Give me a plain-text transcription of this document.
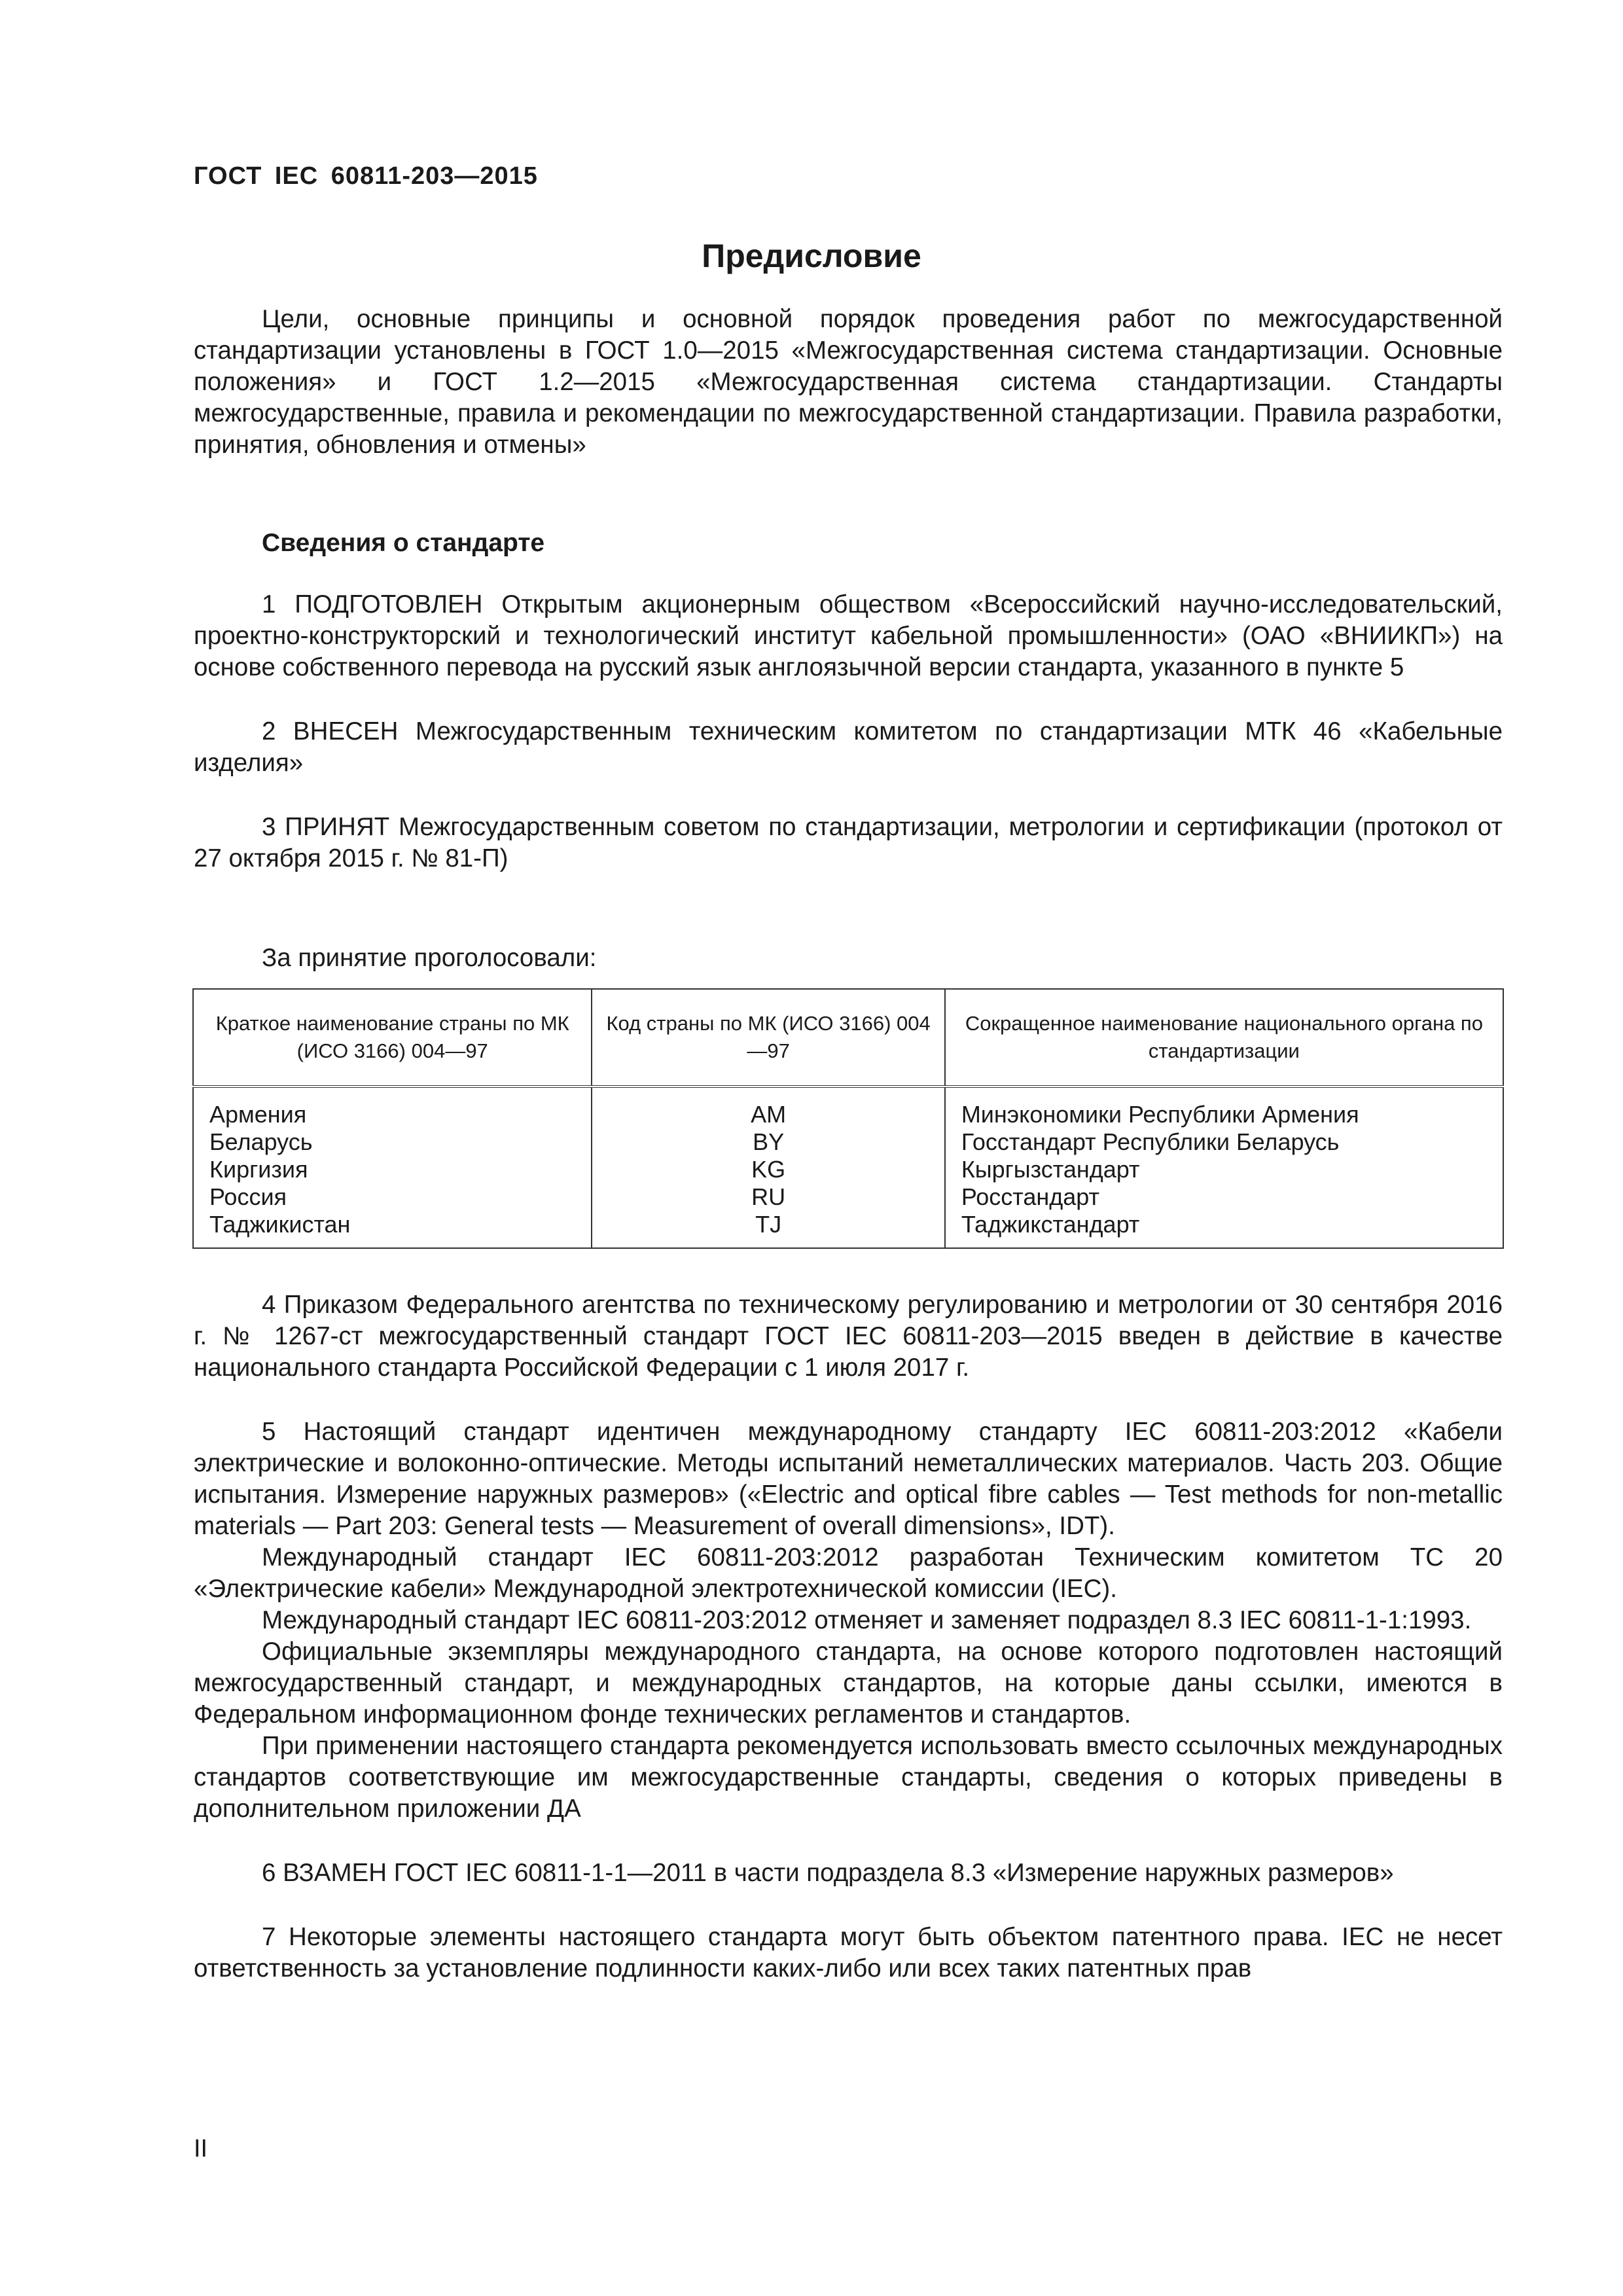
ГОСТ IEC 60811-203—2015
Предисловие

Цели, основные принципы и основной порядок проведения работ по межгосударственной стандартизации установлены в ГОСТ 1.0—2015 «Межгосударственная система стандартизации. Основные положения» и ГОСТ 1.2—2015 «Межгосударственная система стандартизации. Стандарты межгосударственные, правила и рекомендации по межгосударственной стандартизации. Правила разработки, принятия, обновления и отмены»

Сведения о стандарте

1 ПОДГОТОВЛЕН Открытым акционерным обществом «Всероссийский научно-исследовательский, проектно-конструкторский и технологический институт кабельной промышленности» (ОАО «ВНИИКП») на основе собственного перевода на русский язык англоязычной версии стандарта, указанного в пункте 5

2 ВНЕСЕН Межгосударственным техническим комитетом по стандартизации МТК 46 «Кабельные изделия»

3 ПРИНЯТ Межгосударственным советом по стандартизации, метрологии и сертификации (протокол от 27 октября 2015 г. № 81-П)

За принятие проголосовали:
Краткое наименование страны по МК (ИСО 3166) 004—97	Код страны по МК (ИСО 3166) 004—97	Сокращенное наименование национального органа по стандартизации
Армения	AM	Минэкономики Республики Армения
Беларусь	BY	Госстандарт Республики Беларусь
Киргизия	KG	Кыргызстандарт
Россия	RU	Росстандарт
Таджикистан	TJ	Таджикстандарт

4 Приказом Федерального агентства по техническому регулированию и метрологии от 30 сентября 2016 г. № 1267-ст межгосударственный стандарт ГОСТ IEC 60811-203—2015 введен в действие в качестве национального стандарта Российской Федерации с 1 июля 2017 г.

5 Настоящий стандарт идентичен международному стандарту IEC 60811-203:2012 «Кабели электрические и волоконно-оптические. Методы испытаний неметаллических материалов. Часть 203. Общие испытания. Измерение наружных размеров» («Electric and optical fibre cables — Test methods for non-metallic materials — Part 203: General tests — Measurement of overall dimensions», IDT).

Международный стандарт IEC 60811-203:2012 разработан Техническим комитетом ТС 20 «Электрические кабели» Международной электротехнической комиссии (IEC).

Международный стандарт IEC 60811-203:2012 отменяет и заменяет подраздел 8.3 IEC 60811-1-1:1993.

Официальные экземпляры международного стандарта, на основе которого подготовлен настоящий межгосударственный стандарт, и международных стандартов, на которые даны ссылки, имеются в Федеральном информационном фонде технических регламентов и стандартов.

При применении настоящего стандарта рекомендуется использовать вместо ссылочных международных стандартов соответствующие им межгосударственные стандарты, сведения о которых приведены в дополнительном приложении ДА

6 ВЗАМЕН ГОСТ IEC 60811-1-1—2011 в части подраздела 8.3 «Измерение наружных размеров»

7 Некоторые элементы настоящего стандарта могут быть объектом патентного права. IEC не несет ответственность за установление подлинности каких-либо или всех таких патентных прав

II
